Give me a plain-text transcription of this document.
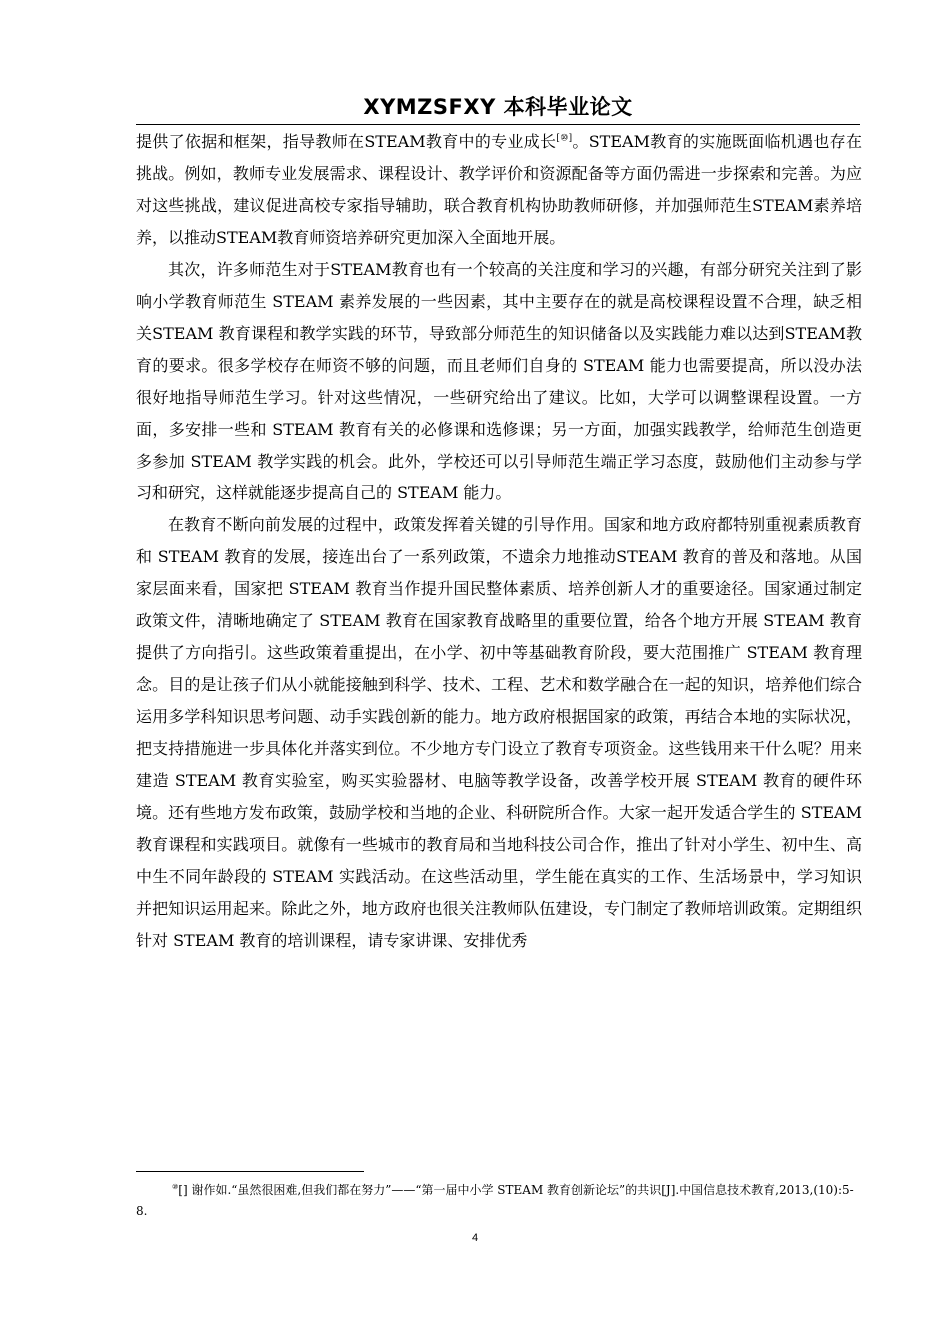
XYMZSFXY 本科毕业论文

提供了依据和框架，指导教师在STEAM教育中的专业成长[⑩]。STEAM教育的实施既面临机遇也存在挑战。例如，教师专业发展需求、课程设计、教学评价和资源配备等方面仍需进一步探索和完善。为应对这些挑战，建议促进高校专家指导辅助，联合教育机构协助教师研修，并加强师范生STEAM素养培养，以推动STEAM教育师资培养研究更加深入全面地开展。

其次，许多师范生对于STEAM教育也有一个较高的关注度和学习的兴趣，有部分研究关注到了影响小学教育师范生 STEAM 素养发展的一些因素，其中主要存在的就是高校课程设置不合理，缺乏相关STEAM 教育课程和教学实践的环节，导致部分师范生的知识储备以及实践能力难以达到STEAM教育的要求。很多学校存在师资不够的问题，而且老师们自身的 STEAM 能力也需要提高，所以没办法很好地指导师范生学习。针对这些情况，一些研究给出了建议。比如，大学可以调整课程设置。一方面，多安排一些和 STEAM 教育有关的必修课和选修课；另一方面，加强实践教学，给师范生创造更多参加 STEAM 教学实践的机会。此外，学校还可以引导师范生端正学习态度，鼓励他们主动参与学习和研究，这样就能逐步提高自己的 STEAM 能力。

在教育不断向前发展的过程中，政策发挥着关键的引导作用。国家和地方政府都特别重视素质教育和 STEAM 教育的发展，接连出台了一系列政策，不遗余力地推动STEAM 教育的普及和落地。从国家层面来看，国家把 STEAM 教育当作提升国民整体素质、培养创新人才的重要途径。国家通过制定政策文件，清晰地确定了 STEAM 教育在国家教育战略里的重要位置，给各个地方开展 STEAM 教育提供了方向指引。这些政策着重提出，在小学、初中等基础教育阶段，要大范围推广 STEAM 教育理念。目的是让孩子们从小就能接触到科学、技术、工程、艺术和数学融合在一起的知识，培养他们综合运用多学科知识思考问题、动手实践创新的能力。地方政府根据国家的政策，再结合本地的实际状况，把支持措施进一步具体化并落实到位。不少地方专门设立了教育专项资金。这些钱用来干什么呢？用来建造 STEAM 教育实验室，购买实验器材、电脑等教学设备，改善学校开展 STEAM 教育的硬件环境。还有些地方发布政策，鼓励学校和当地的企业、科研院所合作。大家一起开发适合学生的 STEAM 教育课程和实践项目。就像有一些城市的教育局和当地科技公司合作，推出了针对小学生、初中生、高中生不同年龄段的 STEAM 实践活动。在这些活动里，学生能在真实的工作、生活场景中，学习知识并把知识运用起来。除此之外，地方政府也很关注教师队伍建设，专门制定了教师培训政策。定期组织针对 STEAM 教育的培训课程，请专家讲课、安排优秀

⑩[] 谢作如.“虽然很困难,但我们都在努力”——“第一届中小学 STEAM 教育创新论坛”的共识[J].中国信息技术教育,2013,(10):5-8.

4
